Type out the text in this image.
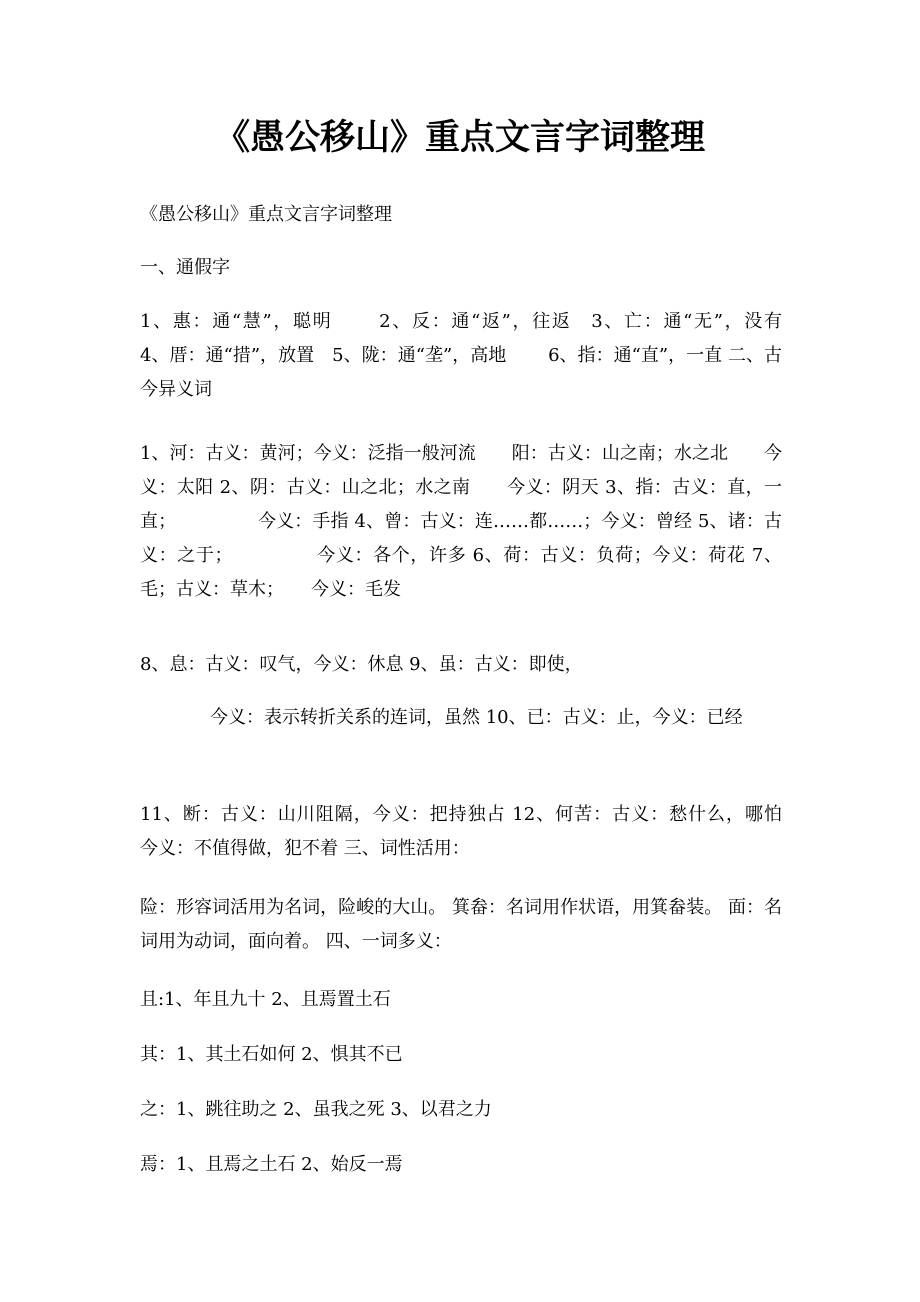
《愚公移山》重点文言字词整理

《愚公移山》重点文言字词整理

一、通假字

1、惠：通“慧”，聪明　　 2、反：通“返”，往返　3、亡：通“无”，没有　　 4、厝：通“措”，放置　5、陇：通“垄”，高地　　 6、指：通“直”，一直 二、古今异义词

1、河：古义：黄河；今义：泛指一般河流　　阳：古义：山之南；水之北　　今义：太阳 2、阴：古义：山之北；水之南　　今义：阴天 3、指：古义：直，一直；　　　　　今义：手指 4、曾：古义：连……都……；今义：曾经 5、诸：古义：之于；　　　　　今义：各个，许多 6、荷：古义：负荷；今义：荷花 7、毛；古义：草木；　　今义：毛发

8、息：古义：叹气，今义：休息 9、虽：古义：即使，

今义：表示转折关系的连词，虽然 10、已：古义：止，今义：已经

11、断：古义：山川阻隔，今义：把持独占 12、何苦：古义：愁什么，哪怕　　　　　 今义：不值得做，犯不着 三、词性活用：

险：形容词活用为名词，险峻的大山。 箕畚：名词用作状语，用箕畚装。 面：名词用为动词，面向着。 四、一词多义：

且:1、年且九十 2、且焉置土石

其：1、其土石如何 2、惧其不已

之：1、跳往助之 2、虽我之死 3、以君之力

焉：1、且焉之土石 2、始反一焉
